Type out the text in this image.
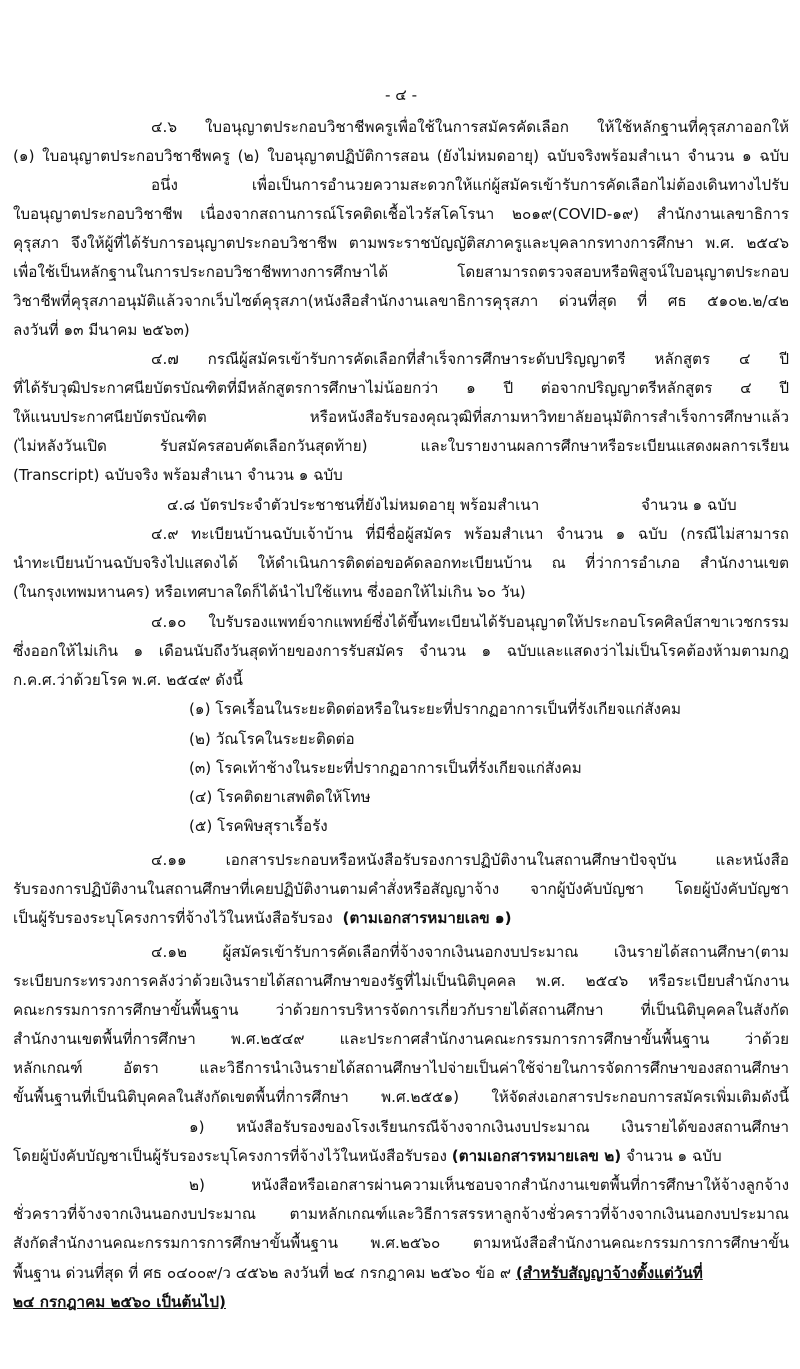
- ๔ -
๔.๖ ใบอนุญาตประกอบวิชาชีพครูเพื่อใช้ในการสมัครคัดเลือก ให้ใช้หลักฐานที่คุรุสภาออกให้
(๑) ใบอนุญาตประกอบวิชาชีพครู (๒) ใบอนุญาตปฏิบัติการสอน (ยังไม่หมดอายุ) ฉบับจริงพร้อมสำเนา จำนวน ๑ ฉบับ
อนึ่ง เพื่อเป็นการอำนวยความสะดวกให้แก่ผู้สมัครเข้ารับการคัดเลือกไม่ต้องเดินทางไปรับ
ใบอนุญาตประกอบวิชาชีพ เนื่องจากสถานการณ์โรคติดเชื้อไวรัสโคโรนา ๒๐๑๙(COVID-๑๙) สำนักงานเลขาธิการ
คุรุสภา จึงให้ผู้ที่ได้รับการอนุญาตประกอบวิชาชีพ ตามพระราชบัญญัติสภาครูและบุคลากรทางการศึกษา พ.ศ. ๒๕๔๖
เพื่อใช้เป็นหลักฐานในการประกอบวิชาชีพทางการศึกษาได้ โดยสามารถตรวจสอบหรือพิสูจน์ใบอนุญาตประกอบ
วิชาชีพที่คุรุสภาอนุมัติแล้วจากเว็บไซต์คุรุสภา(หนังสือสำนักงานเลขาธิการคุรุสภา ด่วนที่สุด ที่ ศธ ๕๑๐๒.๒/๔๒
ลงวันที่ ๑๓ มีนาคม ๒๕๖๓)
๔.๗ กรณีผู้สมัครเข้ารับการคัดเลือกที่สำเร็จการศึกษาระดับปริญญาตรี หลักสูตร ๔ ปี
ที่ได้รับวุฒิประกาศนียบัตรบัณฑิตที่มีหลักสูตรการศึกษาไม่น้อยกว่า ๑ ปี ต่อจากปริญญาตรีหลักสูตร ๔ ปี
ให้แนบประกาศนียบัตรบัณฑิต หรือหนังสือรับรองคุณวุฒิที่สภามหาวิทยาลัยอนุมัติการสำเร็จการศึกษาแล้ว
(ไม่หลังวันเปิด รับสมัครสอบคัดเลือกวันสุดท้าย) และใบรายงานผลการศึกษาหรือระเบียนแสดงผลการเรียน
(Transcript) ฉบับจริง พร้อมสำเนา จำนวน ๑ ฉบับ
๔.๘ บัตรประจำตัวประชาชนที่ยังไม่หมดอายุ พร้อมสำเนา	จำนวน ๑ ฉบับ
๔.๙ ทะเบียนบ้านฉบับเจ้าบ้าน ที่มีชื่อผู้สมัคร พร้อมสำเนา จำนวน ๑ ฉบับ (กรณีไม่สามารถ
นำทะเบียนบ้านฉบับจริงไปแสดงได้ ให้ดำเนินการติดต่อขอคัดลอกทะเบียนบ้าน ณ ที่ว่าการอำเภอ สำนักงานเขต
(ในกรุงเทพมหานคร) หรือเทศบาลใดก็ได้นำไปใช้แทน ซึ่งออกให้ไม่เกิน ๖๐ วัน)
๔.๑๐ ใบรับรองแพทย์จากแพทย์ซึ่งได้ขึ้นทะเบียนได้รับอนุญาตให้ประกอบโรคศิลป์สาขาเวชกรรม
ซึ่งออกให้ไม่เกิน ๑ เดือนนับถึงวันสุดท้ายของการรับสมัคร จำนวน ๑ ฉบับและแสดงว่าไม่เป็นโรคต้องห้ามตามกฎ
ก.ค.ศ.ว่าด้วยโรค พ.ศ. ๒๕๔๙ ดังนี้
(๑) โรคเรื้อนในระยะติดต่อหรือในระยะที่ปรากฏอาการเป็นที่รังเกียจแก่สังคม
(๒) วัณโรคในระยะติดต่อ
(๓) โรคเท้าช้างในระยะที่ปรากฏอาการเป็นที่รังเกียจแก่สังคม
(๔) โรคติดยาเสพติดให้โทษ
(๕) โรคพิษสุราเรื้อรัง
๔.๑๑ เอกสารประกอบหรือหนังสือรับรองการปฏิบัติงานในสถานศึกษาปัจจุบัน และหนังสือ
รับรองการปฏิบัติงานในสถานศึกษาที่เคยปฏิบัติงานตามคำสั่งหรือสัญญาจ้าง จากผู้บังคับบัญชา โดยผู้บังคับบัญชา
เป็นผู้รับรองระบุโครงการที่จ้างไว้ในหนังสือรับรอง (ตามเอกสารหมายเลข ๑)
๔.๑๒ ผู้สมัครเข้ารับการคัดเลือกที่จ้างจากเงินนอกงบประมาณ เงินรายได้สถานศึกษา(ตาม
ระเบียบกระทรวงการคลังว่าด้วยเงินรายได้สถานศึกษาของรัฐที่ไม่เป็นนิติบุคคล พ.ศ. ๒๕๔๖ หรือระเบียบสำนักงาน
คณะกรรมการการศึกษาขั้นพื้นฐาน ว่าด้วยการบริหารจัดการเกี่ยวกับรายได้สถานศึกษา ที่เป็นนิติบุคคลในสังกัด
สำนักงานเขตพื้นที่การศึกษา พ.ศ.๒๕๔๙ และประกาศสำนักงานคณะกรรมการการศึกษาขั้นพื้นฐาน ว่าด้วย
หลักเกณฑ์ อัตรา และวิธีการนำเงินรายได้สถานศึกษาไปจ่ายเป็นค่าใช้จ่ายในการจัดการศึกษาของสถานศึกษา
ขั้นพื้นฐานที่เป็นนิติบุคคลในสังกัดเขตพื้นที่การศึกษา พ.ศ.๒๕๕๑) ให้จัดส่งเอกสารประกอบการสมัครเพิ่มเติมดังนี้
๑) หนังสือรับรองของโรงเรียนกรณีจ้างจากเงินงบประมาณ เงินรายได้ของสถานศึกษา
โดยผู้บังคับบัญชาเป็นผู้รับรองระบุโครงการที่จ้างไว้ในหนังสือรับรอง (ตามเอกสารหมายเลข ๒) จำนวน ๑ ฉบับ
๒) หนังสือหรือเอกสารผ่านความเห็นชอบจากสำนักงานเขตพื้นที่การศึกษาให้จ้างลูกจ้าง
ชั่วคราวที่จ้างจากเงินนอกงบประมาณ ตามหลักเกณฑ์และวิธีการสรรหาลูกจ้างชั่วคราวที่จ้างจากเงินนอกงบประมาณ
สังกัดสำนักงานคณะกรรมการการศึกษาขั้นพื้นฐาน พ.ศ.๒๕๖๐ ตามหนังสือสำนักงานคณะกรรมการการศึกษาขั้น
พื้นฐาน ด่วนที่สุด ที่ ศธ ๐๔๐๐๙/ว ๔๕๖๒ ลงวันที่ ๒๔ กรกฎาคม ๒๕๖๐ ข้อ ๙ (สำหรับสัญญาจ้างตั้งแต่วันที่
๒๔ กรกฎาคม ๒๕๖๐ เป็นต้นไป)
